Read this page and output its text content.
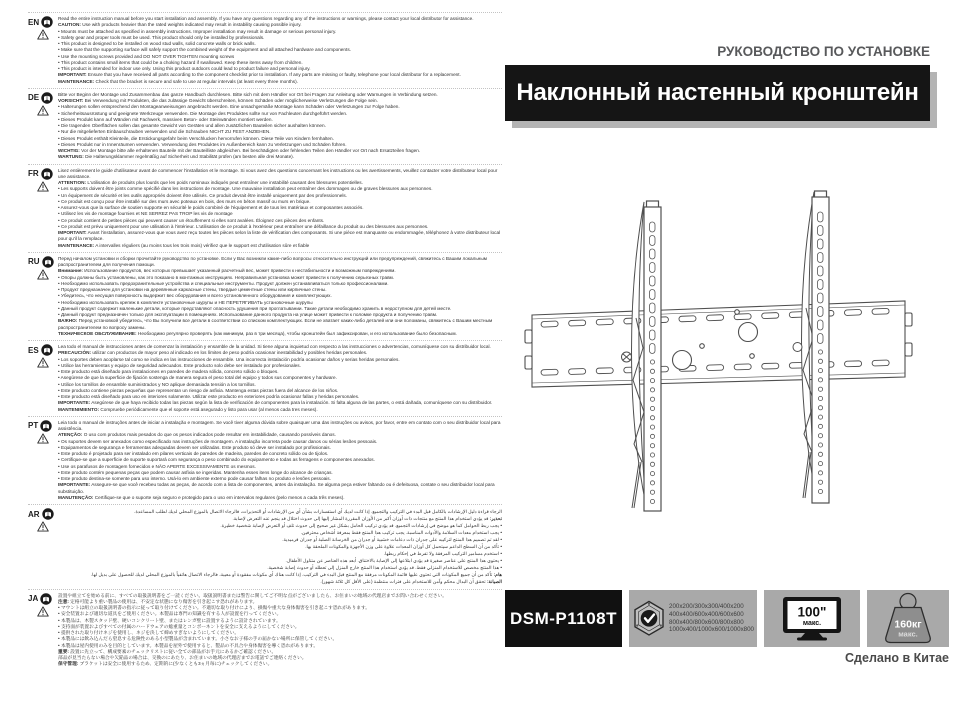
EN	Read the entire instruction manual before you start installation and assembly. If you have any questions regarding any of the instructions or warnings, please contact your local distributor for assistance.
CAUTION: Use with products heavier than the rated weights indicated may result in instability causing possible injury.
• Mounts must be attached as specified in assembly instructions. Improper installation may result in damage or serious personal injury.
• Safety gear and proper tools must be used. This product should only be installed by professionals.
• This product is designed to be installed on wood stud walls, solid concrete walls or brick walls.
• Make sure that the supporting surface will safely support the combined weight of the equipment and all attached hardware and components.
• Use the mounting screws provided and DO NOT OVER TIGHTEN mounting screws
• This product contains small items that could be a choking hazard if swallowed. Keep these items away from children.
• This product is intended for indoor use only. Using this product outdoors could lead to product failure and personal injury.
IMPORTANT: Ensure that you have received all parts according to the component checklist prior to installation. If any parts are missing or faulty, telephone your local distributor for a replacement.
MAINTENANCE: Check that the bracket is secure and safe to use at regular intervals (at least every three months).
DE	Bitte vor Beginn der Montage und Zusammenbau das ganze Handbuch durchlesen. Bitte sich mit dem Händler vor Ort bei Fragen zur Anleitung oder Warnungen in Verbindung setzen.
VORSICHT: Bei Verwendung mit Produkten, die das zulässige Gewicht überschreiten, können Schäden oder möglicherweise Verletzungen die Folge sein.
• Halterungen sollen entsprechend den Montageanweisungen angebracht werden. Eine unsachgemäße Montage kann Schäden oder Verletzungen zur Folge haben.
• Sicherheitsausrüstung und geeignete Werkzeuge verwenden. Die Montage des Produktes sollte nur von Fachleuten durchgeführt werden.
• Dieses Produkt kann auf Wänden mit Fachwerk, massiven Beton- oder Steinwänden montiert werden.
• Die tragenden Oberflächen sollen das gesamte Gewicht von Geräten und allen zusätzlichen Bauteilen sicher aushalten können.
• Nur die mitgelieferten Einbauschrauben verwenden und die Schrauben NICHT ZU FEST ANZIEHEN.
• Dieses Produkt enthält Kleinteile, die Erstickungsgefahr beim Verschlucken hervorrufen können. Diese Teile von Kindern fernhalten.
• Dieses Produkt nur in Innenräumen verwenden. Verwendung des Produktes im Außenbereich kann zu Verletzungen und Schäden führen.
WICHTIG: Vor der Montage bitte alle erhaltenen Bauteile mit der Bauteilliste abgleichen. Bei beschädigten oder fehlenden Teilen den Händler vor Ort nach Ersatzteilen fragen.
WARTUNG: Die Halterungsklammer regelmäßig auf Sicherheit und Stabilität prüfen (am besten alle drei Monate).
FR	Lisez entièrement le guide d'utilisateur avant de commencer l'installation et le montage. Si vous avez des questions concernant les instructions ou les avertissements, veuillez contacter votre distributeur local pour une assistance.
ATTENTION: L'utilisation de produits plus lourds que les poids nominaux indiqués peut entraîner une instabilité causant des blessures potentielles.
• Les supports doivent être joints comme spécifié dans les instructions de montage. Une mauvaise installation peut entraîner des dommages ou de graves blessures aux personnes.
• Un équipement de sécurité et les outils appropriés doivent être utilisés. Ce produit devrait être installé uniquement par des professionnels.
• Ce produit est conçu pour être installé sur des murs avec poteaux en bois, des murs en béton massif ou murs en brique.
• Assurez-vous que la surface de soutien supporte en sécurité le poids combiné de l'équipement et de tous les matériaux et composantes associés.
• Utilisez les vis de montage fournies et NE SERREZ PAS TROP les vis de montage
• Ce produit contient de petites pièces qui peuvent causer un étouffement si elles sont avalées. Éloignez ces pièces des enfants.
• Ce produit est prévu uniquement pour une utilisation à l'intérieur. L'utilisation de ce produit à l'extérieur peut entraîner une défaillance du produit ou des blessures aux personnes.
IMPORTANT: Avant l'installation, assurez-vous que vous avez reçu toutes les pièces selon la liste de vérification des composants. Si une pièce est manquante ou endommagée, téléphonez à votre distributeur local pour qu'il la remplace.
MAINTENANCE: A intervalles réguliers (au moins tous les trois mois) vérifiez que le support est d'utilisation sûre et fiable
RU	Перед началом установки и сборки прочитайте руководство по установке. Если у Вас возникли какие-либо вопросы относительно инструкций или предупреждений, свяжитесь с Вашим локальным распространителем для получения помощи.
Внимание: Использование продуктов, вес которых превышает указанный расчетный вес, может привести к нестабильности и возможным повреждениям.
• Опоры должны быть установлены, как это показано в монтажных инструкциях. Неправильная установка может привести к получению серьезных травм.
• Необходимо использовать предохранительные устройства и специальные инструменты. Продукт должен устанавливаться только профессионалами.
• Продукт предназначен для установки на деревянные каркасные стены, твердые цементные стены или кирпичные стены.
• Убедитесь, что несущая поверхность выдержит вес оборудования и всего установленного оборудования и комплектующих.
• Необходимо использовать крепеж в комплекте установочные шурупы и НЕ ПЕРЕТЯГИВАТЬ установочные шурупы
• Данный продукт содержит маленькие детали, которые представляют опасность удушения при проглатывании. Такие детали необходимо хранить в недоступном для детей месте.
• Данный продукт предназначен только для эксплуатации в помещениях. Использование данного продукта на улице может привести к поломке продукта и получению травм.
ВАЖНО: Перед установкой убедитесь, что Вы получили все детали в соответствии со списком комплектующих. Если не хватает каких-либо деталей или они поломаны, свяжитесь с Вашим местным распространителем по вопросу замены.
ТЕХНИЧЕСКОЕ ОБСЛУЖИВАНИЕ: Необходимо регулярно проверять (как минимум, раз в три месяца), чтобы кронштейн был зафиксирован, и его использование было безопасным.
ES	Lea todo el manual de instrucciones antes de comenzar la instalación y ensamble de la unidad. Si tiene alguna inquietud con respecto a las instrucciones o advertencias, comuníquese con su distribuidor local.
PRECAUCIÓN: utilizar con productos de mayor peso al indicado en los límites de peso podría ocasionar inestabilidad y posibles heridas personales.
• Los soportes deben acoplarse tal como se indica en las instrucciones de ensamble. Una incorrecta instalación podría ocasionar daños y serias heridas personales.
• Utilice las herramientas y equipo de seguridad adecuados. Este producto solo debe ser instalado por profesionales.
• Este producto está diseñado para instalaciones en paredes de madera sólida, concreto sólido o bloques.
• Asegúrese de que la superficie de fijación sostenga de manera segura el peso total del equipo y todos sus componentes y hardware.
• Utilice los tornillos de ensamble suministrados y NO aplique demasiada tensión a los tornillos.
• Este producto contiene piezas pequeñas que representan un riesgo de asfixia. Mantenga estas piezas fuera del alcance de los niños.
• Este producto está diseñado para uso en interiores solamente. Utilizar este producto en exteriores podría ocasionar fallas y heridas personales.
IMPORTANTE: Asegúrese de que haya recibido todas las piezas según la lista de verificación de componentes para la instalación. Si falta alguna de las partes, o está dañada, comuníquese con su distribuidor.
MANTENIMIENTO: Compruebe periódicamente que el soporte está asegurado y listo para usar (al menos cada tres meses).
PT	Leia todo o manual de instruções antes de iniciar a instalação e montagem. Se você tiver alguma dúvida sobre quaisquer uma das instruções ou avisos, por favor, entre em contato com o seu distribuidor local para assistência.
ATENÇÃO: O uso com produtos mais pesados do que os pesos indicados pode resultar em instabilidade, causando possíveis danos.
• Os suportes devem ser anexados como especificado nas instruções de montagem. A instalação incorreta pode causar danos ou sérias lesões pessoais.
• Equipamentos de segurança e ferramentas adequadas devem ser utilizadas. Este produto só deve ser instalado por profissionais.
• Este produto é projetado para ser instalado em pilares verticais de paredes de madeira, paredes de concreto sólido ou de tijolos.
• Certifique-se que a superfície de suporte suportará com segurança o peso combinado do equipamento e todas as ferragens e componentes anexados.
• Use os parafusos de montagem fornecidos e NÃO APERTE EXCESSIVAMENTE os mesmos.
• Este produto contém pequenas peças que podem causar asfixia se ingeridas. Mantenha esses itens longe do alcance de crianças.
• Este produto destina-se somente para uso interno. Usá-lo em ambiente externo pode causar falhas no produto e lesões pessoais.
IMPORTANTE: Assegure-se que você recebeu todas as peças, de acordo com a lista de componentes, antes da instalação. Se alguma peça estiver faltando ou é defeituosa, contate o seu distribuidor local para substituição.
MANUTENÇÃO: Certifique-se que o suporte seja seguro e protegido para o uso em intervalos regulares (pelo menos a cada três meses).
AR	الرجاء قراءة دليل الإرشادات بالكامل قبل البدء في التركيب والتجميع. إذا كانت لديك أي استفسارات بشأن أي من الإرشادات أو التحذيرات، فالرجاء الاتصال بالموزع المحلي لديك لطلب المساعدة.
تحذير: قد يؤدي استخدام هذا المنتج مع منتجات ذات أوزان أكبر من الأوزان المقررة المشار إليها إلى حدوث اختلال قد ينجم عنه التعرض لإصابة.
• يجب ربط الحوامل كما هو موضح في إرشادات التجميع. قد يؤدي تركيب الحامل بشكل غير صحيح إلى حدوث تلف أو التعرض لإصابة شخصية خطيرة.
• يجب استخدام معدات السلامة والأدوات المناسبة. يجب تركيب هذا المنتج فقط بمعرفة أشخاص محترفين.
• لقد تم تصميم هذا المنتج لتركيبه على جدران ذات دعامات خشبية أو جدران من الخرسانة الصلبة أو جدران قرميدية.
• تأكد من أن السطح الداعم سيتحمل كل أوزان المعدات علاوة على وزن الأجهزة والمكونات الملحقة بها.
• استخدم مسامير التركيب المرفقة ولا تفرط في إحكام ربطها.
• يحتوي هذا المنتج على عناصر صغيرة قد يؤدي ابتلاعها إلى الإصابة بالاختناق. أبعد هذه العناصر عن متناول الأطفال.
• هذا المنتج مخصص للاستخدام المنزلي فقط. قد يؤدي استخدام هذا المنتج خارج المنزل إلى تعطله أو حدوث إصابة شخصية.
هام: تأكد من أن جميع المكونات التي تحتوي عليها قائمة المكونات مرفقة مع المنتج قبل البدء في التركيب. إذا كانت هناك أي مكونات مفقودة أو معيبة، فالرجاء الاتصال هاتفياً بالموزع المحلي لديك للحصول على بديل لها.
الصيانة: تحقق أن البدال محكم وآمن للاستخدام على فترات منتظمة (على الأقل كل ثلاثة شهور).
JA	設置や組立てを始める前に、すべての取扱説明書をご一読ください。取扱説明書または警告に関してご不明な点がございましたら、お住まいの地域の代理店までお問い合わせください。
注意: 定格可能より重い製品の使用は、不安定な状態になり傷害を引き起こす恐れがあります。
• マウントは組立の取扱説明書の指示に従って取り付けてください。不適切な取り付けにより、損傷や重大な身体傷害を引き起こす恐れがあります。
• 安全装置および適切な道具をご使用ください。本製品は専門の知識を有する人が設置を行ってください。
• 本製品は、木製スタッド壁、硬いコンクリート壁、またはレンガ壁に設置するように設計されています。
• 支持面が装置およびすべての付属のハードウェアの総重量とコンポーネントを安全に支えるようにしてください。
• 提供された取り付けネジを使用し、ネジを決して締めすぎないようにしてください。
• 本製品には飲み込んだら窒息する危険性のある小型製品が含まれています。小さなお子様の手の届かない場所に保管してください。
• 本製品は屋内使用のみを目的としています。本製品を屋外で使用すると、製品の不具合や身体傷害を導く恐れがあります。
重要: 設置に先立って、構成要素のチェックリストに従い全ての部品がお手元にあるかご確認ください。
部品が見当たらない場合や欠陥品の場合は、交換のにあたり、お住まいの地域の代理店までお電話でご連絡ください。
保守管理: ブラケットは安全に使用するため、定期的に(少なくとも3ヵ月毎に)チェックしてください。
РУКОВОДСТВО ПО УСТАНОВКЕ
Наклонный настенный кронштейн
DSM-P1108T
200x200/300x300/400x200
400x400/600x400/600x600
800x400/800x600/800x800
1000x400/1000x600/1000x800
100"
макс.	160кг
макс.
Сделано в Китае
